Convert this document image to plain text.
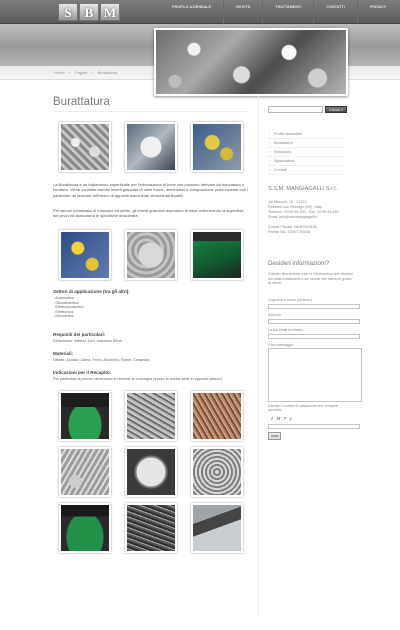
S	B M	PROFILO AZIENDALE	NOVITÀ	TRATTAMENTI	CONTATTI	PRIVACY
Home » Pagine » Burattatura
Burattatura

La Burattatura è un trattamento superficiale per l'eliminazione di bave che possono derivare da tranciatura o tornitura. Viene condotta tramite inserti granulari di varie forme, dimensioni e composizione posti insieme con i particolari da lavorare all'interno di appositi macchinari denominati Buratti.

Per azione combinata di rotazione ed attrito, gli inserti granulari asportano le bave uniformando la superficie dei pezzi ed assicurano le specifiche desiderate.

Settori di applicazione (tra gli altri):
- Automotive
- Oleodinamica
- Elettrodomestico
- Elettronica
- Meccanica
Requisiti dei particolari:
Dimensioni: inferiori 1cm, massimo 80cm
Materiali:
Ottone, Acciaio, Zama, Ferro, Alluminio, Rame, Ceramica
Indicazioni per il Recapito:
Per particolari di piccole dimensioni si richiede la consegna presso la nostra sede in appositi cassoni.
Cerca »
› Profilo Aziendale
› Burattatura
› Sbavatura
› Sgrassatura
› Contatti
S.S.M. MANGIAGALLI S.r.l.
via Marconi, 16 - 21022
Pessano con Bornago (MI) - Italy
Telefono: 02/95.54.290 - Fax: 02/95.54.290
Email: info@ssmmangiagalli.it
Codice Fiscale: 08087820153
Partita IVA: 10057700158
Desideri informazioni?
Chiedici liberamente tutte le informazioni che desideri sui nostri trattamenti o sui servizi che siamo in grado di offrirti.
Cognome e nome (richiesto)
Azienda
La tua email (richiesto)
Il tuo messaggio
Inserisci il codice di validazione che compare qui sotto:
z M T y
Invia
